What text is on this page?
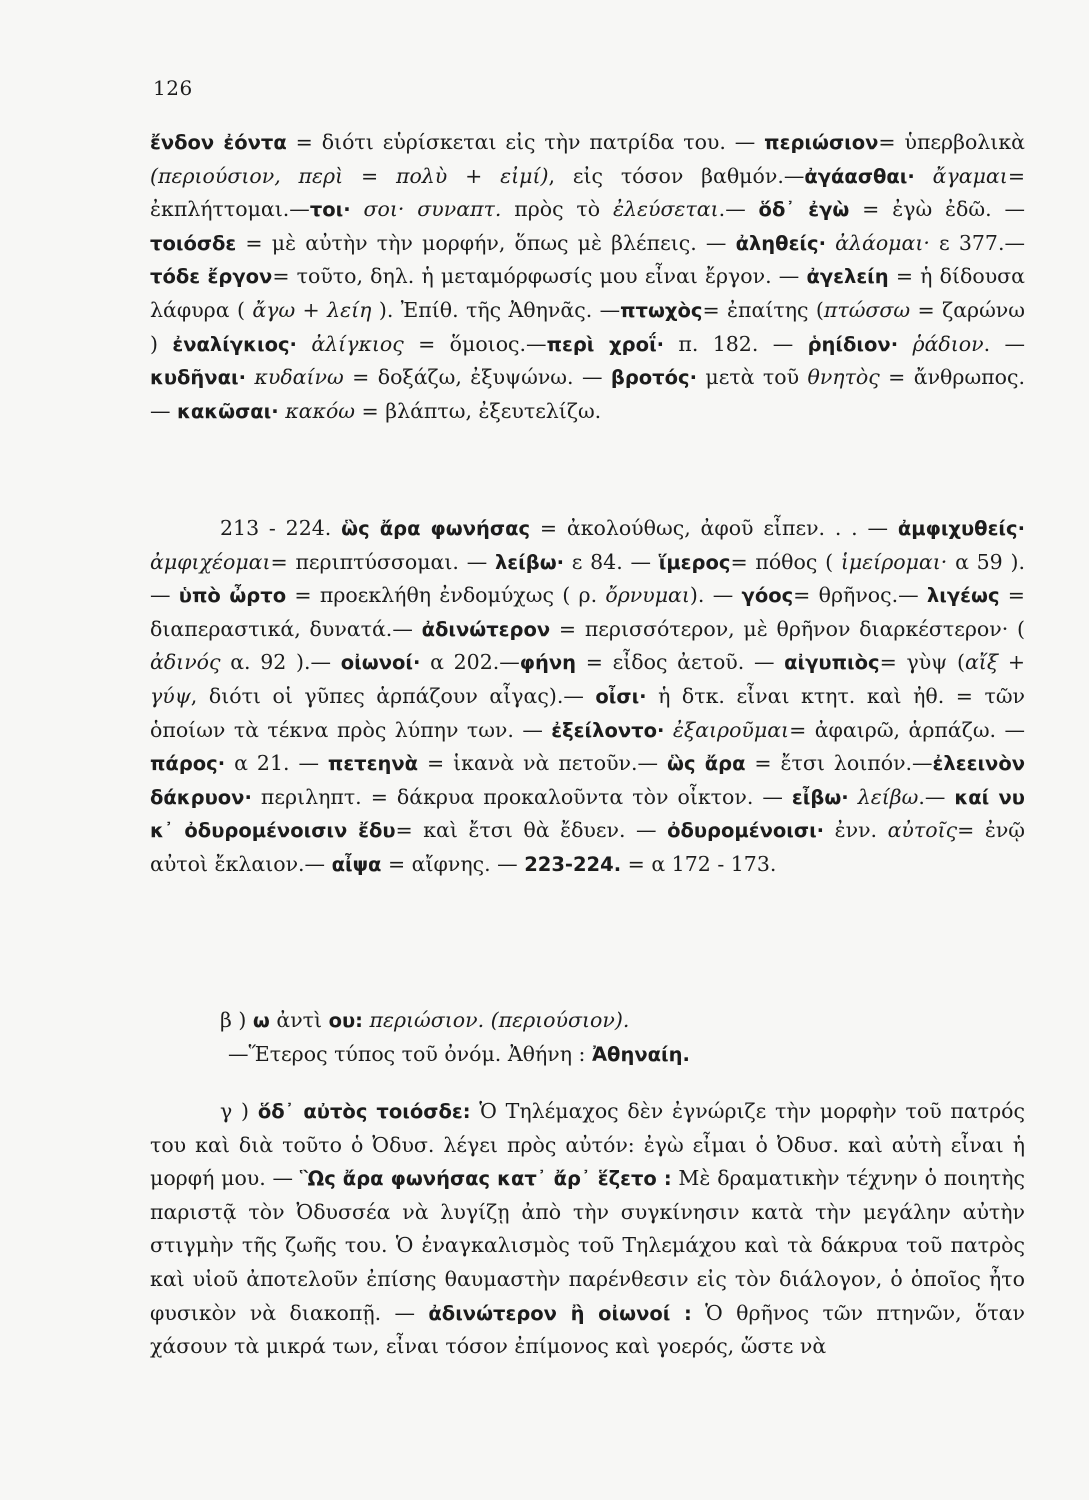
126
ἔνδον ἐόντα = διότι εὑρίσκεται εἰς τὴν πατρίδα του. — περιώσιον= ὑπερβολικὰ (περιούσιον, περὶ = πολὺ + εἰμί), εἰς τόσον βαθμόν.—ἀγάασθαι· ἄγαμαι= ἐκπλήττομαι.—τοι· σοι· συναπτ. πρὸς τὸ ἐλεύσεται.— ὅδ᾽ ἐγὼ = ἐγὼ ἐδῶ. — τοιόσδε = μὲ αὐτὴν τὴν μορφήν, ὅπως μὲ βλέπεις. — ἀληθείς· ἀλάομαι· ε 377.—τόδε ἔργον= τοῦτο, δηλ. ἡ μεταμόρφωσίς μου εἶναι ἔργον. — ἀγελείη = ἡ δίδουσα λάφυρα ( ἄγω + λείη ). Ἐπίθ. τῆς Ἀθηνᾶς. —πτωχὸς= ἐπαίτης (πτώσσω = ζαρώνω ) ἐναλίγκιος· ἀλίγκιος = ὅμοιος.—περὶ χροΐ· π. 182. — ῥηίδιον· ῥάδιον. — κυδῆναι· κυδαίνω = δοξάζω, ἐξυψώνω. — βροτός· μετὰ τοῦ θνητὸς = ἄνθρωπος. — κακῶσαι· κακόω = βλάπτω, ἐξευτελίζω.
213 - 224. ὣς ἄρα φωνήσας = ἀκολούθως, ἀφοῦ εἶπεν. . . — ἀμφιχυθείς· ἀμφιχέομαι= περιπτύσσομαι. — λείβω· ε 84. — ἵμερος= πόθος ( ἱμείρομαι· α 59 ). — ὑπὸ ὦρτο = προεκλήθη ἐνδομύχως ( ρ. ὄρνυμαι). — γόος= θρῆνος.— λιγέως = διαπεραστικά, δυνατά.— ἀδινώτερον = περισσότερον, μὲ θρῆνον διαρκέστερον· ( ἀδινός α. 92 ).— οἰωνοί· α 202.—φήνη = εἶδος ἀετοῦ. — αἰγυπιὸς= γὺψ (αἴξ + γύψ, διότι οἱ γῦπες ἁρπάζουν αἶγας).— οἶσι· ἡ δτκ. εἶναι κτητ. καὶ ἠθ. = τῶν ὁποίων τὰ τέκνα πρὸς λύπην των. — ἐξείλοντο· ἐξαιροῦμαι= ἀφαιρῶ, ἁρπάζω. — πάρος· α 21. — πετεηνὰ = ἱκανὰ νὰ πετοῦν.— ὣς ἄρα = ἔτσι λοιπόν.—ἐλεεινὸν δάκρυον· περιληπτ. = δάκρυα προκαλοῦντα τὸν οἶκτον. — εἶβω· λείβω.— καί νυ κ᾽ ὀδυρομένοισιν ἔδυ= καὶ ἔτσι θὰ ἔδυεν. — ὀδυρομένοισι· ἐνν. αὐτοῖς= ἐνῷ αὐτοὶ ἔκλαιον.— αἶψα = αἴφνης. — 223-224. = α 172 - 173.
β ) ω ἀντὶ ου: περιώσιον. (περιούσιον).
—Ἕτερος τύπος τοῦ ὀνόμ. Ἀθήνη : Ἀθηναίη.
γ ) ὅδ᾽ αὐτὸς τοιόσδε: Ὁ Τηλέμαχος δὲν ἐγνώριζε τὴν μορφὴν τοῦ πατρός του καὶ διὰ τοῦτο ὁ Ὀδυσ. λέγει πρὸς αὐτόν: ἐγὼ εἶμαι ὁ Ὀδυσ. καὶ αὐτὴ εἶναι ἡ μορφή μου. — Ὣς ἄρα φωνήσας κατ᾽ ἄρ᾽ ἕζετο : Μὲ δραματικὴν τέχνην ὁ ποιητὴς παριστᾷ τὸν Ὀδυσσέα νὰ λυγίζῃ ἀπὸ τὴν συγκίνησιν κατὰ τὴν μεγάλην αὐτὴν στιγμὴν τῆς ζωῆς του. Ὁ ἐναγκαλισμὸς τοῦ Τηλεμάχου καὶ τὰ δάκρυα τοῦ πατρὸς καὶ υἱοῦ ἀποτελοῦν ἐπίσης θαυμαστὴν παρένθεσιν εἰς τὸν διάλογον, ὁ ὁποῖος ἦτο φυσικὸν νὰ διακοπῇ. — ἀδινώτερον ἢ οἰωνοί : Ὁ θρῆνος τῶν πτηνῶν, ὅταν χάσουν τὰ μικρά των, εἶναι τόσον ἐπίμονος καὶ γοερός, ὥστε νὰ
